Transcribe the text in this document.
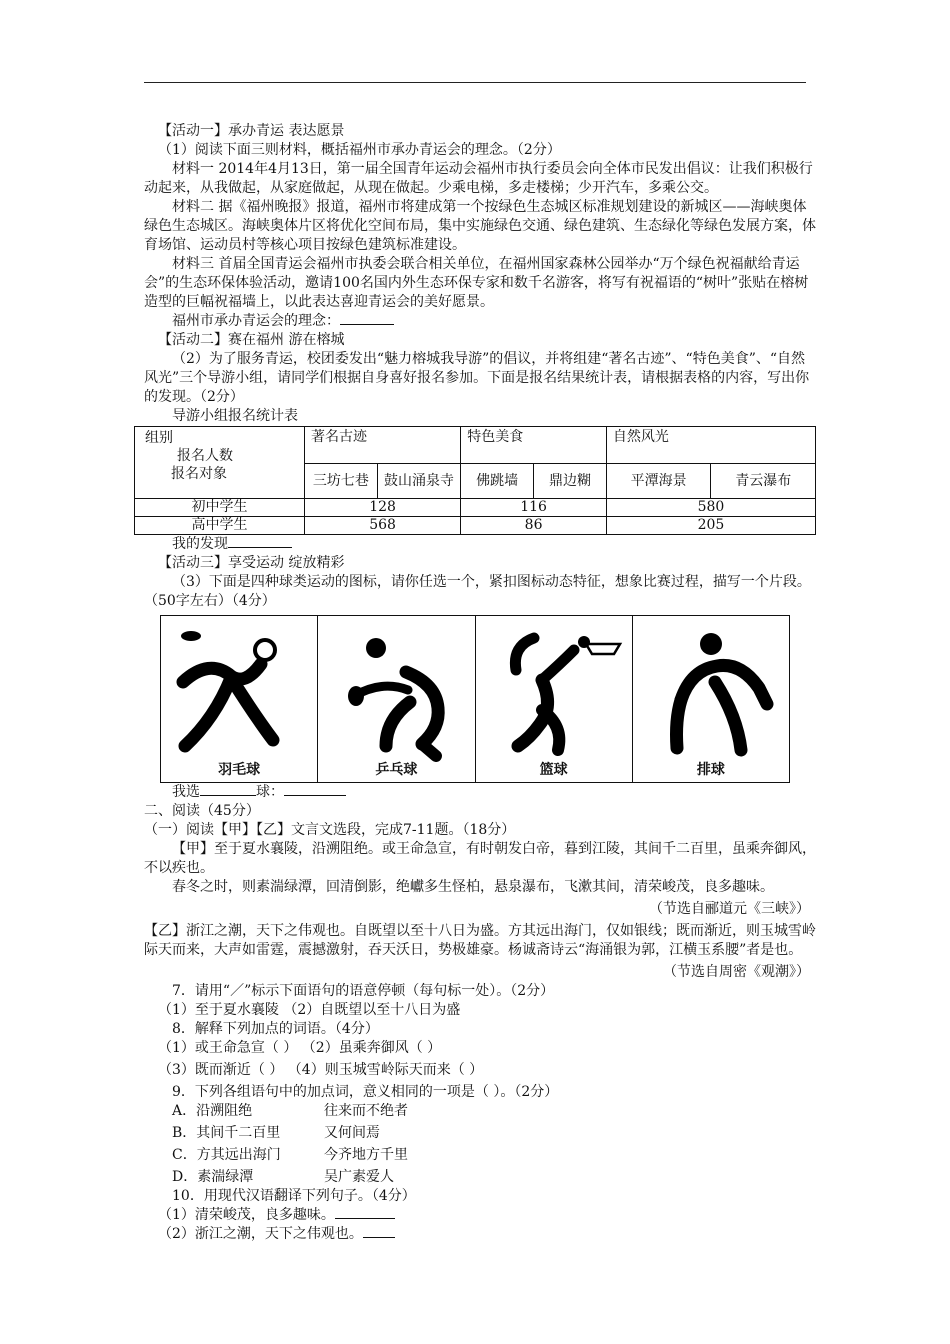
【活动一】承办青运 表达愿景

（1）阅读下面三则材料，概括福州市承办青运会的理念。（2分）

材料一 2014年4月13日，第一届全国青年运动会福州市执行委员会向全体市民发出倡议：让我们积极行动起来，从我做起，从家庭做起，从现在做起。少乘电梯，多走楼梯；少开汽车，多乘公交。

材料二 据《福州晚报》报道，福州市将建成第一个按绿色生态城区标准规划建设的新城区——海峡奥体绿色生态城区。海峡奥体片区将优化空间布局，集中实施绿色交通、绿色建筑、生态绿化等绿色发展方案，体育场馆、运动员村等核心项目按绿色建筑标准建设。

材料三 首届全国青运会福州市执委会联合相关单位，在福州国家森林公园举办“万个绿色祝福献给青运会”的生态环保体验活动，邀请100名国内外生态环保专家和数千名游客，将写有祝福语的“树叶”张贴在榕树造型的巨幅祝福墙上，以此表达喜迎青运会的美好愿景。

福州市承办青运会的理念：

【活动二】赛在福州 游在榕城

（2）为了服务青运，校团委发出“魅力榕城我导游”的倡议，并将组建“著名古迹”、“特色美食”、“自然风光”三个导游小组，请同学们根据自身喜好报名参加。下面是报名结果统计表，请根据表格的内容，写出你的发现。（2分）

导游小组报名统计表

组别
报名人数
报名对象	著名古迹		特色美食		自然风光	
	三坊七巷	鼓山涌泉寺	佛跳墙	鼎边糊	平潭海景	青云瀑布
初中学生	128		116		580	
高中学生	568		86		205	

我的发现

【活动三】享受运动 绽放精彩

（3）下面是四种球类运动的图标，请你任选一个，紧扣图标动态特征，想象比赛过程，描写一个片段。（50字左右）（4分）

羽毛球	乒乓球	篮球	排球

我选	球：

二、阅读（45分）

（一）阅读【甲】【乙】文言文选段，完成7-11题。（18分）

【甲】至于夏水襄陵，沿溯阻绝。或王命急宣，有时朝发白帝，暮到江陵，其间千二百里，虽乘奔御风，不以疾也。

春冬之时，则素湍绿潭，回清倒影，绝巘多生怪柏，悬泉瀑布，飞漱其间，清荣峻茂，良多趣味。

（节选自郦道元《三峡》）

【乙】浙江之潮，天下之伟观也。自既望以至十八日为盛。方其远出海门，仅如银线；既而渐近，则玉城雪岭际天而来，大声如雷霆，震撼激射，吞天沃日，势极雄豪。杨诚斋诗云“海涌银为郭，江横玉系腰”者是也。

（节选自周密《观潮》）

7．请用“／”标示下面语句的语意停顿（每句标一处）。（2分）

（1）至于夏水襄陵 （2）自既望以至十八日为盛

8．解释下列加点的词语。（4分）

（1）或王命急宣（ ） （2）虽乘奔御风（ ）

（3）既而渐近（ ） （4）则玉城雪岭际天而来（ ）

9．下列各组语句中的加点词，意义相同的一项是（ ）。（2分）

A．沿溯阻绝	往来而不绝者
B．其间千二百里	又何间焉
C．方其远出海门	今齐地方千里
D．素湍绿潭	吴广素爱人

10．用现代汉语翻译下列句子。（4分）

（1）清荣峻茂，良多趣味。

（2）浙江之潮，天下之伟观也。
